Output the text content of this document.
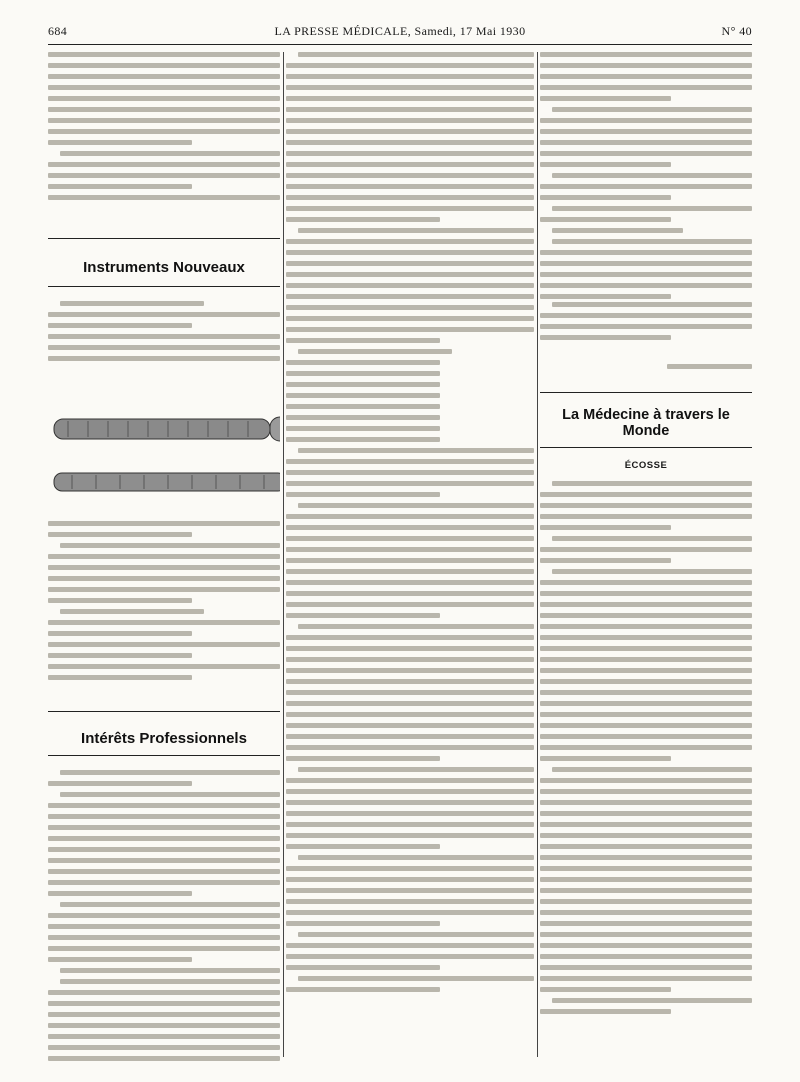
684	LA PRESSE MÉDICALE, Samedi, 17 Mai 1930	N° 40
Instruments Nouveaux
Intérêts Professionnels
La Médecine à travers le Monde
ÉCOSSE
